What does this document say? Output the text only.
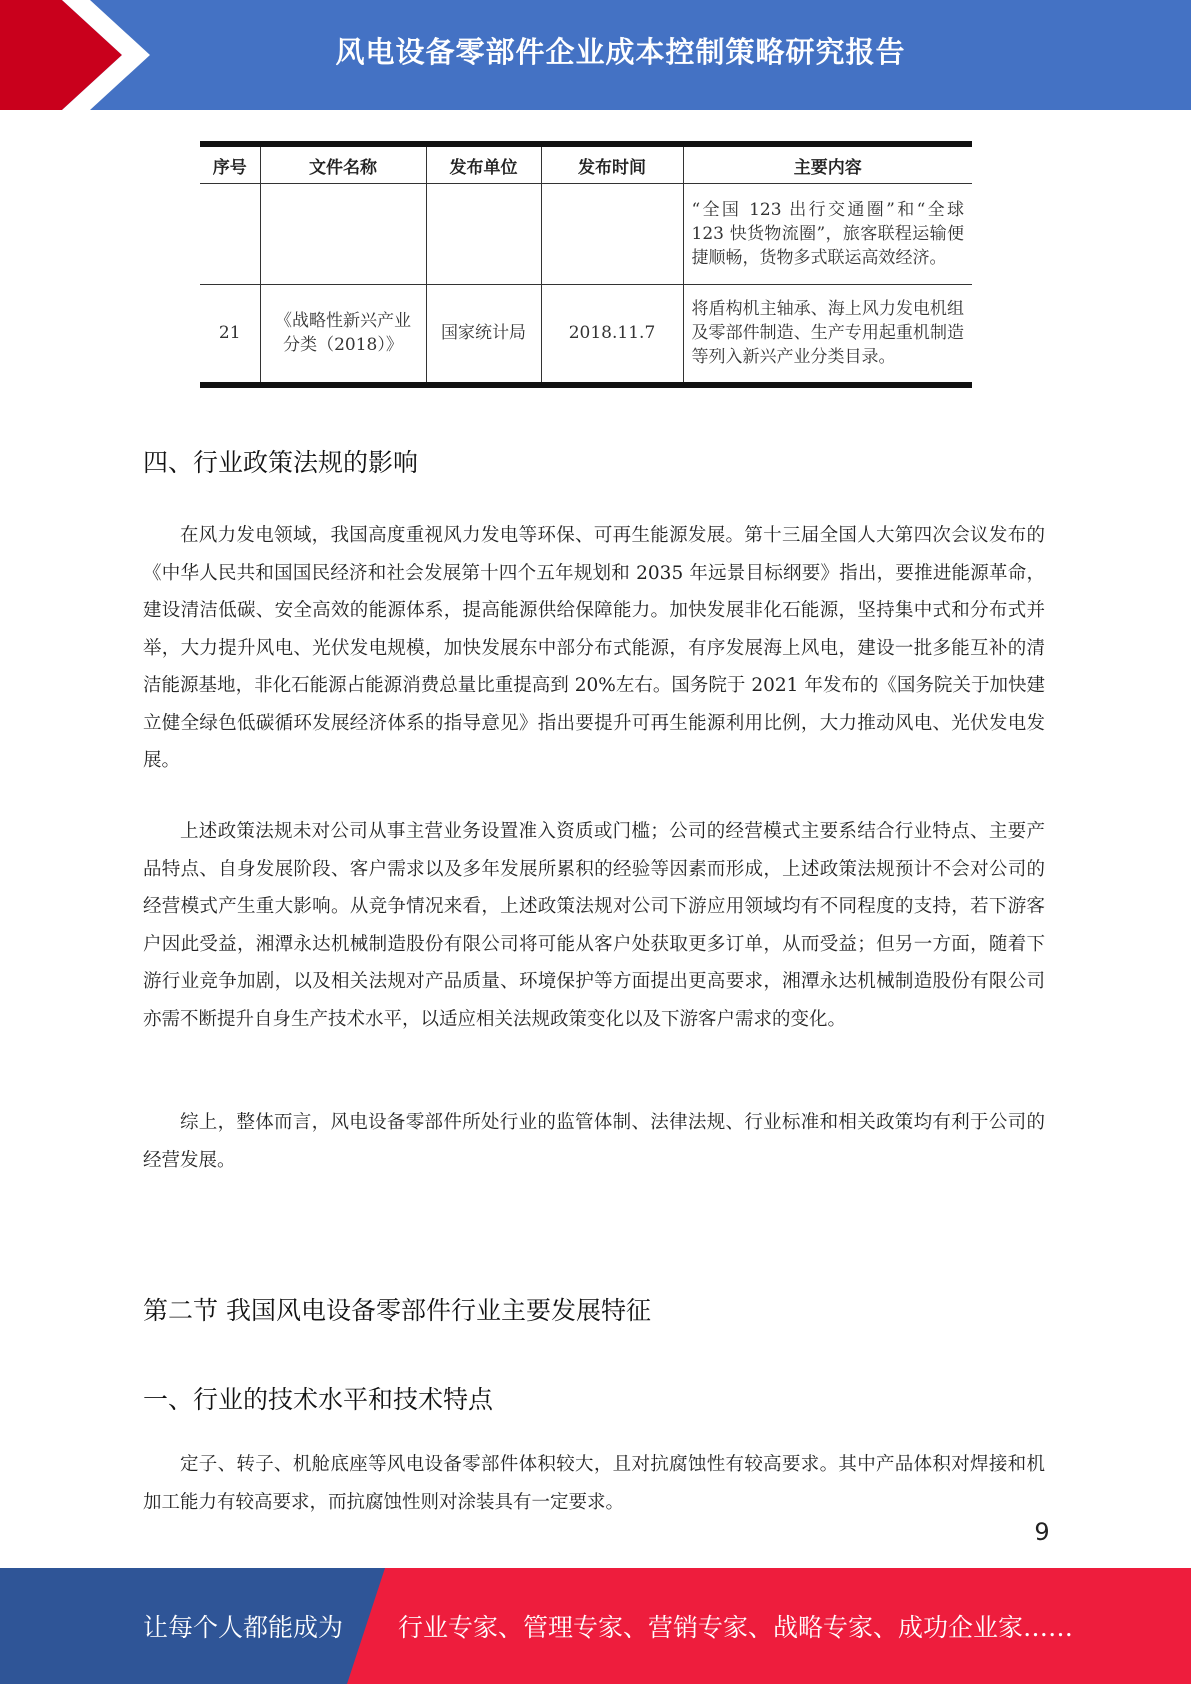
风电设备零部件企业成本控制策略研究报告
序号	文件名称	发布单位	发布时间	主要内容
				“全国 123 出行交通圈”和“全球 123 快货物流圈”，旅客联程运输便捷顺畅，货物多式联运高效经济。
21	《战略性新兴产业分类（2018）》	国家统计局	2018.11.7	将盾构机主轴承、海上风力发电机组及零部件制造、生产专用起重机制造等列入新兴产业分类目录。
四、行业政策法规的影响

在风力发电领域，我国高度重视风力发电等环保、可再生能源发展。第十三届全国人大第四次会议发布的《中华人民共和国国民经济和社会发展第十四个五年规划和 2035 年远景目标纲要》指出，要推进能源革命，建设清洁低碳、安全高效的能源体系，提高能源供给保障能力。加快发展非化石能源，坚持集中式和分布式并举，大力提升风电、光伏发电规模，加快发展东中部分布式能源，有序发展海上风电，建设一批多能互补的清洁能源基地，非化石能源占能源消费总量比重提高到 20%左右。国务院于 2021 年发布的《国务院关于加快建立健全绿色低碳循环发展经济体系的指导意见》指出要提升可再生能源利用比例，大力推动风电、光伏发电发展。

上述政策法规未对公司从事主营业务设置准入资质或门槛；公司的经营模式主要系结合行业特点、主要产品特点、自身发展阶段、客户需求以及多年发展所累积的经验等因素而形成，上述政策法规预计不会对公司的经营模式产生重大影响。从竞争情况来看，上述政策法规对公司下游应用领域均有不同程度的支持，若下游客户因此受益，湘潭永达机械制造股份有限公司将可能从客户处获取更多订单，从而受益；但另一方面，随着下游行业竞争加剧，以及相关法规对产品质量、环境保护等方面提出更高要求，湘潭永达机械制造股份有限公司亦需不断提升自身生产技术水平，以适应相关法规政策变化以及下游客户需求的变化。

综上，整体而言，风电设备零部件所处行业的监管体制、法律法规、行业标准和相关政策均有利于公司的经营发展。

第二节 我国风电设备零部件行业主要发展特征
一、行业的技术水平和技术特点

定子、转子、机舱底座等风电设备零部件体积较大，且对抗腐蚀性有较高要求。其中产品体积对焊接和机加工能力有较高要求，而抗腐蚀性则对涂装具有一定要求。

9
让每个人都能成为 行业专家、管理专家、营销专家、战略专家、成功企业家……
